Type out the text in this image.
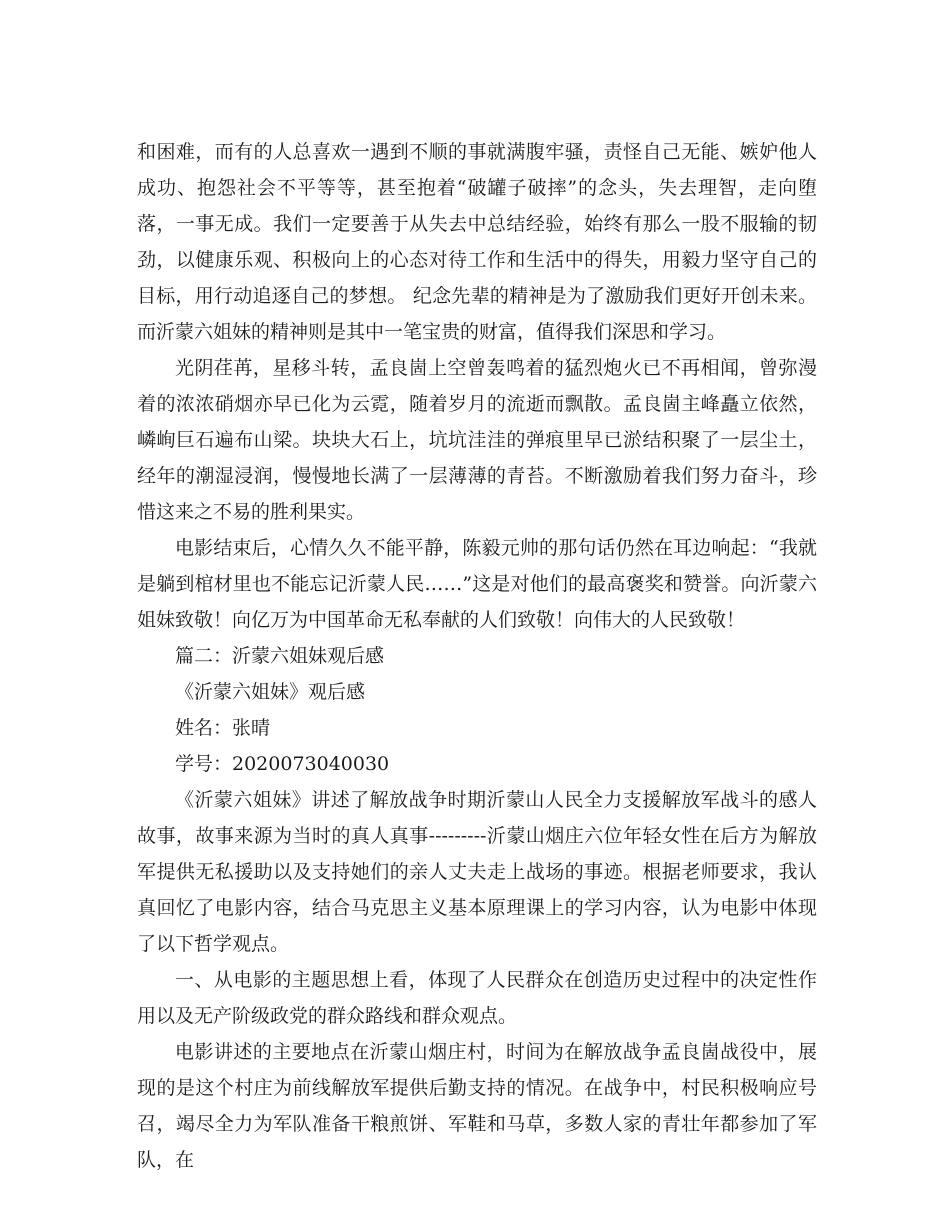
和困难，而有的人总喜欢一遇到不顺的事就满腹牢骚，责怪自己无能、嫉妒他人成功、抱怨社会不平等等，甚至抱着“破罐子破摔”的念头，失去理智，走向堕落，一事无成。我们一定要善于从失去中总结经验，始终有那么一股不服输的韧劲，以健康乐观、积极向上的心态对待工作和生活中的得失，用毅力坚守自己的目标，用行动追逐自己的梦想。 纪念先辈的精神是为了激励我们更好开创未来。而沂蒙六姐妹的精神则是其中一笔宝贵的财富，值得我们深思和学习。

光阴荏苒，星移斗转，孟良崮上空曾轰鸣着的猛烈炮火已不再相闻，曾弥漫着的浓浓硝烟亦早已化为云霓，随着岁月的流逝而飘散。孟良崮主峰矗立依然，嶙峋巨石遍布山梁。块块大石上，坑坑洼洼的弹痕里早已淤结积聚了一层尘土，经年的潮湿浸润，慢慢地长满了一层薄薄的青苔。不断激励着我们努力奋斗，珍惜这来之不易的胜利果实。

电影结束后，心情久久不能平静，陈毅元帅的那句话仍然在耳边响起：“我就是躺到棺材里也不能忘记沂蒙人民……”这是对他们的最高褒奖和赞誉。向沂蒙六姐妹致敬！向亿万为中国革命无私奉献的人们致敬！向伟大的人民致敬！

篇二：沂蒙六姐妹观后感

《沂蒙六姐妹》观后感

姓名：张晴

学号：2020073040030

《沂蒙六姐妹》讲述了解放战争时期沂蒙山人民全力支援解放军战斗的感人故事，故事来源为当时的真人真事---------沂蒙山烟庄六位年轻女性在后方为解放军提供无私援助以及支持她们的亲人丈夫走上战场的事迹。根据老师要求，我认真回忆了电影内容，结合马克思主义基本原理课上的学习内容，认为电影中体现了以下哲学观点。

一、从电影的主题思想上看，体现了人民群众在创造历史过程中的决定性作用以及无产阶级政党的群众路线和群众观点。

电影讲述的主要地点在沂蒙山烟庄村，时间为在解放战争孟良崮战役中，展现的是这个村庄为前线解放军提供后勤支持的情况。在战争中，村民积极响应号召，竭尽全力为军队准备干粮煎饼、军鞋和马草，多数人家的青壮年都参加了军队，在
